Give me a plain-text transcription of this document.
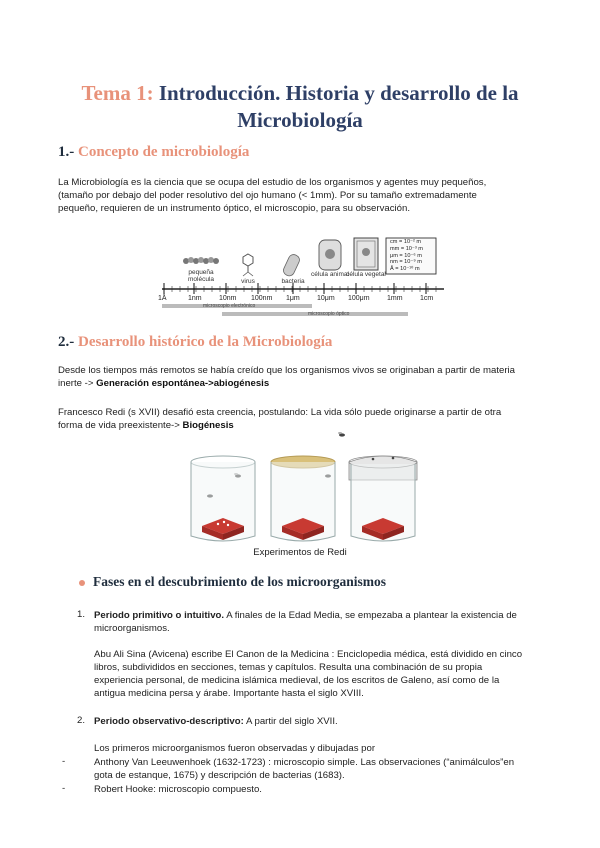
Tema 1: Introducción. Historia y desarrollo de la
Microbiología
1.- Concepto de microbiología
La Microbiología es la ciencia que se ocupa del estudio de los organismos y agentes muy pequeños,
(tamaño por debajo del poder resolutivo del ojo humano (< 1mm). Por su tamaño extremadamente
pequeño, requieren de un instrumento óptico, el microscopio, para su observación.
pequeña molécula	virus	bacteria
célula animal
célula vegetal
cm = 10⁻² m
mm = 10⁻³ m
μm = 10⁻⁶ m
nm = 10⁻⁹ m
Å = 10⁻¹⁰ m
1Å	1nm 10nm 100nm 1μm 10μm 100μm 1mm 1cm
microscopio electrónico
microscopio óptico
2.- Desarrollo histórico de la Microbiología
Desde los tiempos más remotos se había creído que los organismos vivos se originaban a partir de materia
inerte -> Generación espontánea->abiogénesis
Francesco Redi (s XVII) desafió esta creencia, postulando: La vida sólo puede originarse a partir de otra
forma de vida preexistente-> Biogénesis
Experimentos de Redi
Fases en el descubrimiento de los microorganismos
1. Periodo primitivo o intuitivo. A finales de la Edad Media, se empezaba a plantear la existencia de
microorganismos.
Abu Ali Sina (Avicena) escribe El Canon de la Medicina : Enciclopedia médica, está dividido en cinco
libros, subdivididos en secciones, temas y capítulos. Resulta una combinación de su propia
experiencia personal, de medicina islámica medieval, de los escritos de Galeno, así como de la
antigua medicina persa y árabe. Importante hasta el siglo XVIII.
2. Periodo observativo-descriptivo: A partir del siglo XVII.
Los primeros microorganismos fueron observadas y dibujadas por
-	Anthony Van Leeuwenhoek (1632-1723) : microscopio simple. Las observaciones (“animálculos”en
gota de estanque, 1675) y descripción de bacterias (1683).
-	Robert Hooke: microscopio compuesto.
